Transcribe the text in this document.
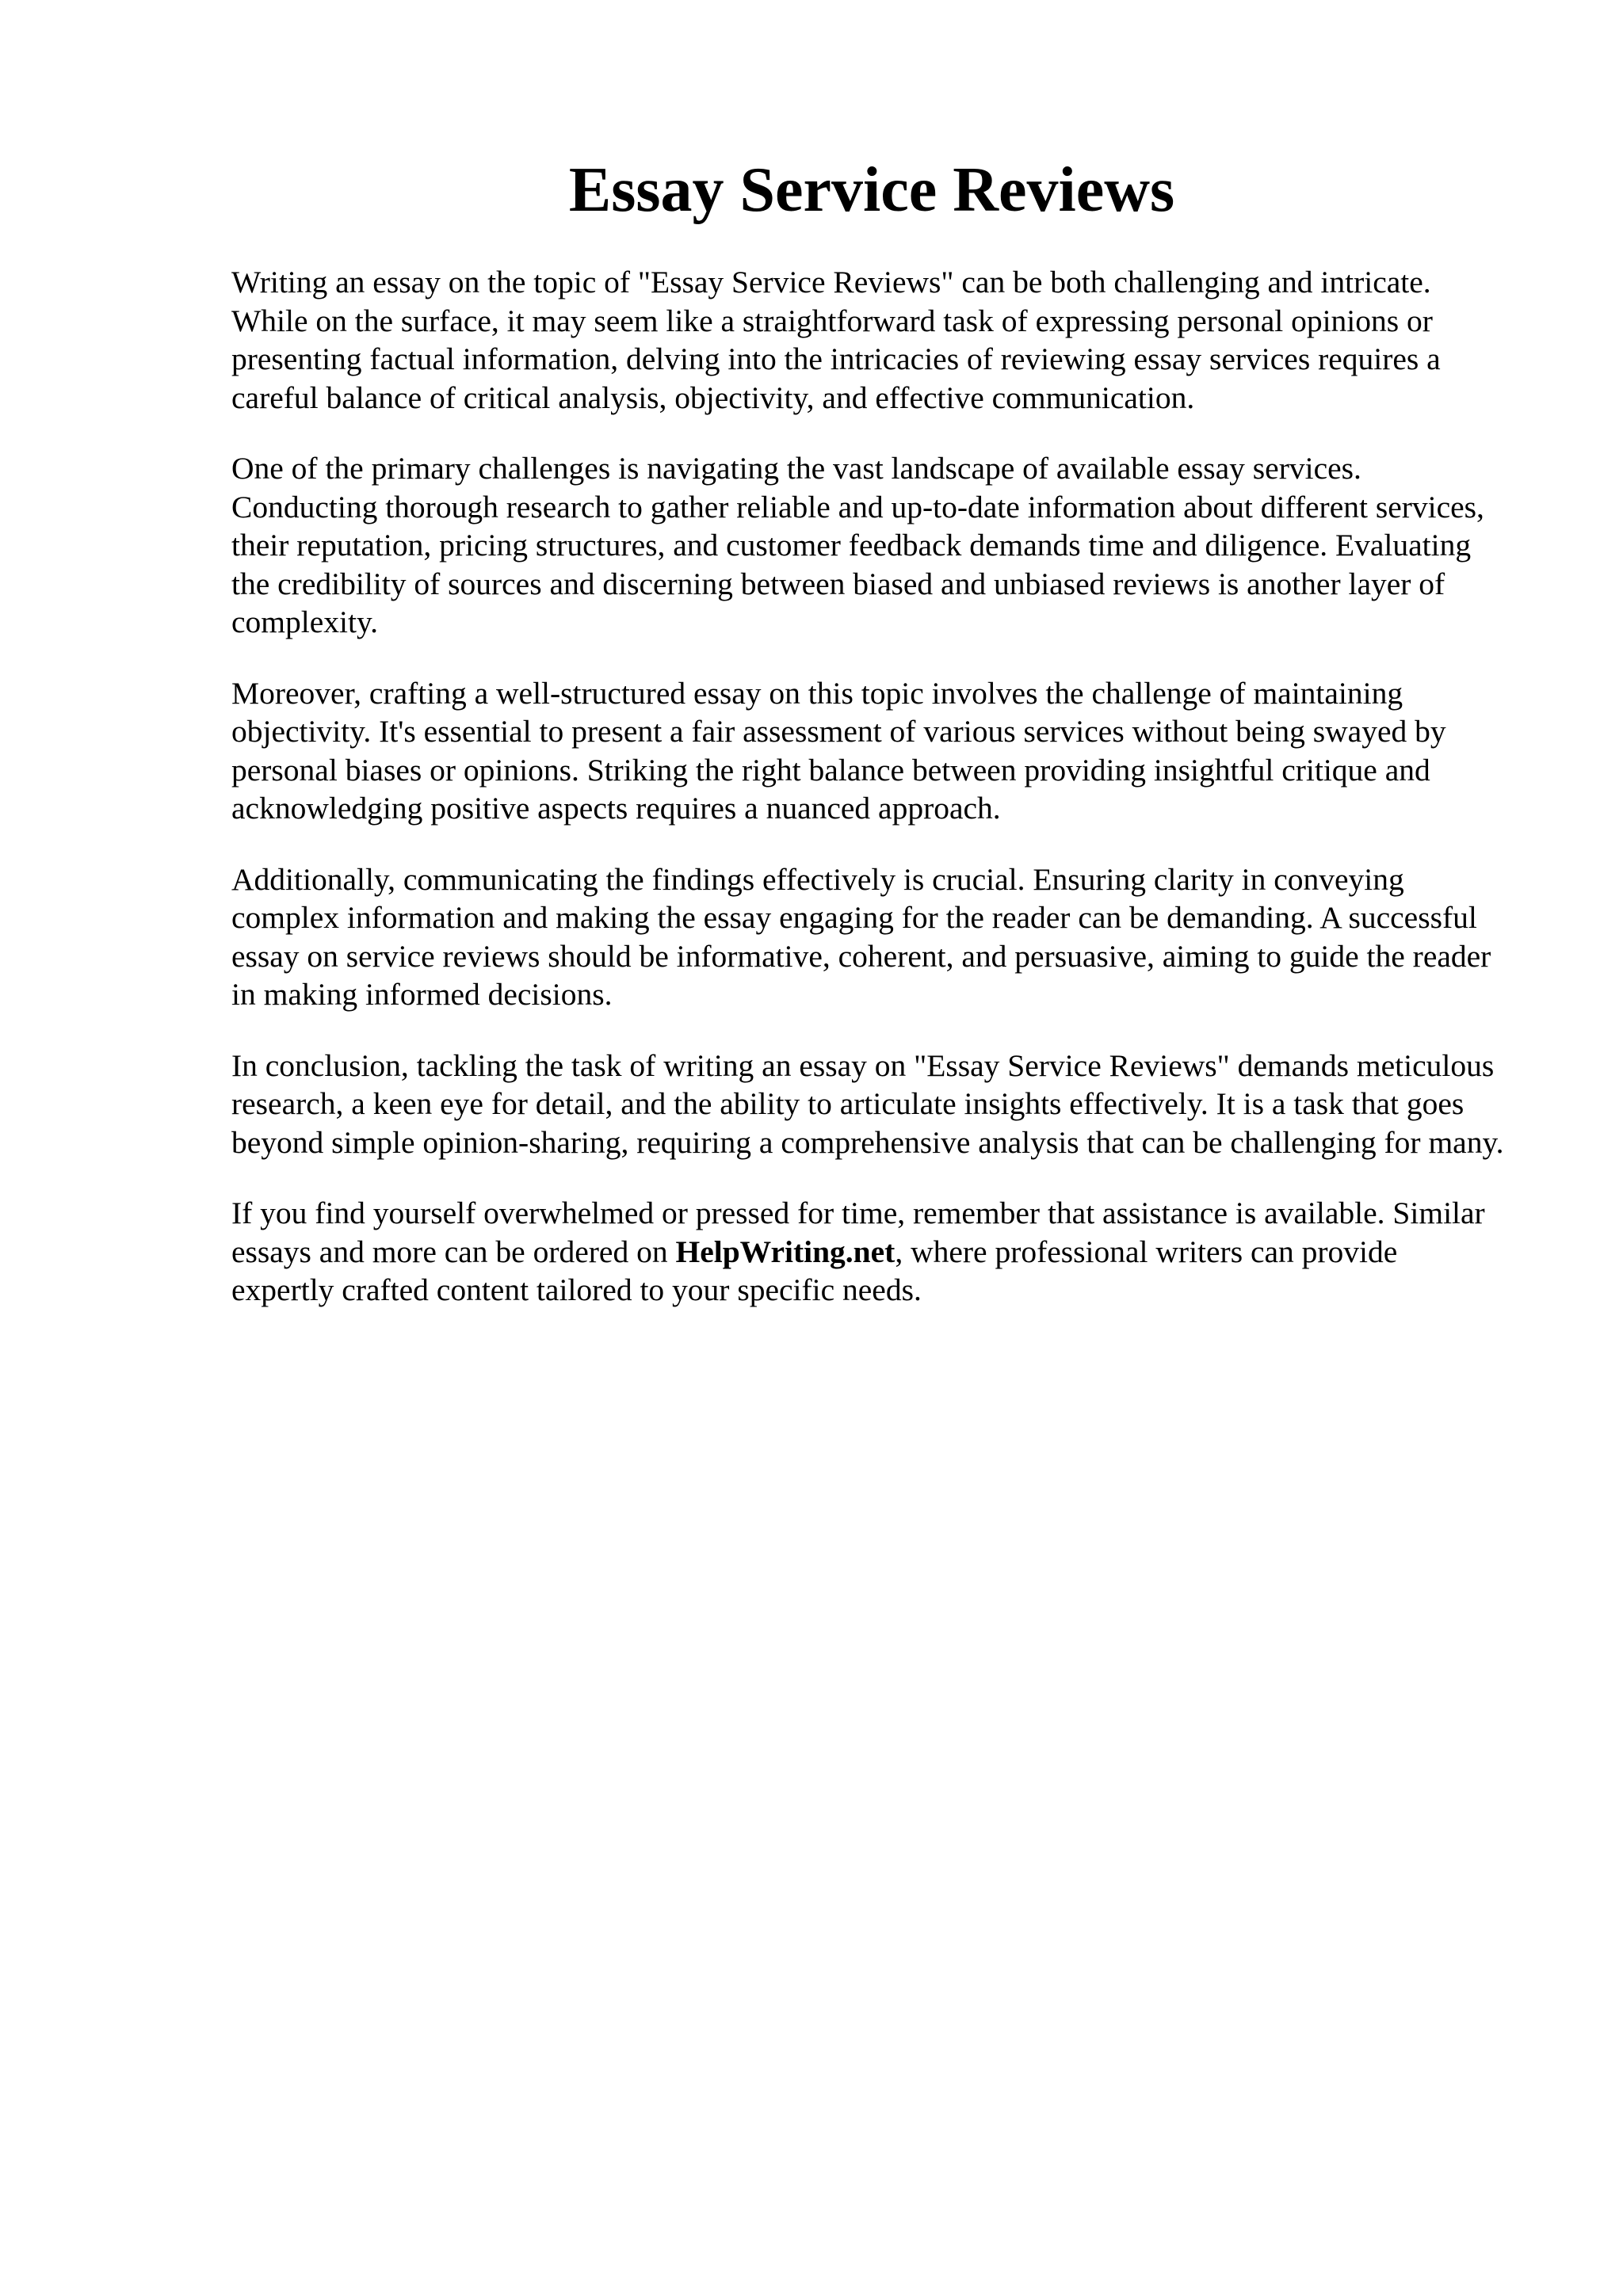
Essay Service Reviews

Writing an essay on the topic of "Essay Service Reviews" can be both challenging and intricate. While on the surface, it may seem like a straightforward task of expressing personal opinions or presenting factual information, delving into the intricacies of reviewing essay services requires a careful balance of critical analysis, objectivity, and effective communication.

One of the primary challenges is navigating the vast landscape of available essay services. Conducting thorough research to gather reliable and up-to-date information about different services, their reputation, pricing structures, and customer feedback demands time and diligence. Evaluating the credibility of sources and discerning between biased and unbiased reviews is another layer of complexity.

Moreover, crafting a well-structured essay on this topic involves the challenge of maintaining objectivity. It's essential to present a fair assessment of various services without being swayed by personal biases or opinions. Striking the right balance between providing insightful critique and acknowledging positive aspects requires a nuanced approach.

Additionally, communicating the findings effectively is crucial. Ensuring clarity in conveying complex information and making the essay engaging for the reader can be demanding. A successful essay on service reviews should be informative, coherent, and persuasive, aiming to guide the reader in making informed decisions.

In conclusion, tackling the task of writing an essay on "Essay Service Reviews" demands meticulous research, a keen eye for detail, and the ability to articulate insights effectively. It is a task that goes beyond simple opinion-sharing, requiring a comprehensive analysis that can be challenging for many.

If you find yourself overwhelmed or pressed for time, remember that assistance is available. Similar essays and more can be ordered on HelpWriting.net, where professional writers can provide expertly crafted content tailored to your specific needs.
